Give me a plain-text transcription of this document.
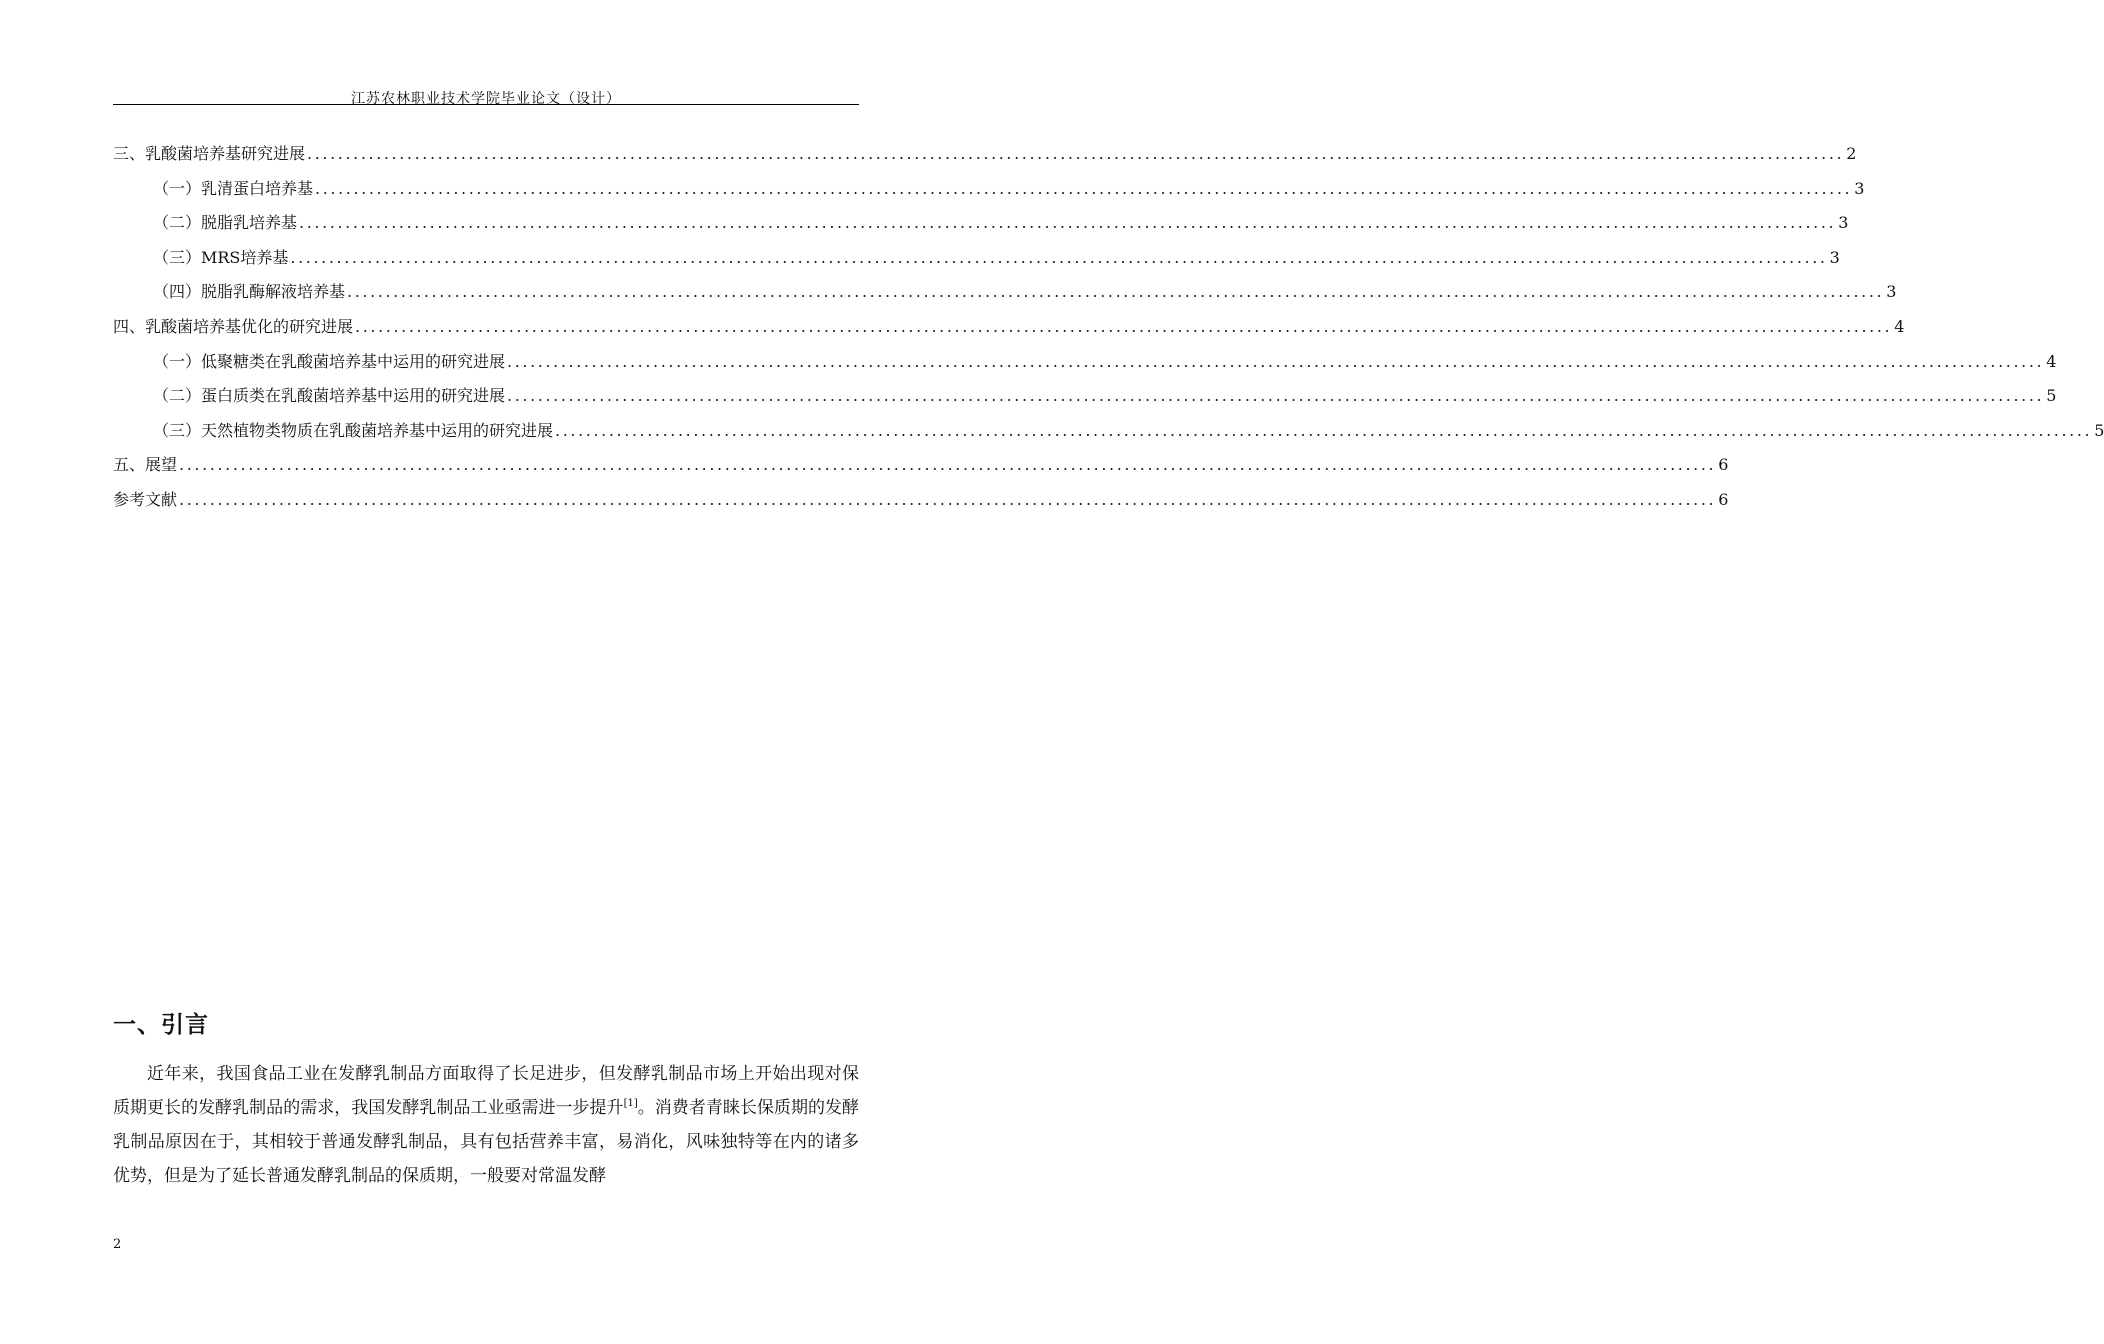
江苏农林职业技术学院毕业论文（设计）
三、乳酸菌培养基研究进展 ........................................................................................................................................................................................................ 2
（一）乳清蛋白培养基 ........................................................................................................................................................................................................ 3
（二）脱脂乳培养基 ........................................................................................................................................................................................................ 3
（三）MRS培养基 ........................................................................................................................................................................................................ 3
（四）脱脂乳酶解液培养基 ........................................................................................................................................................................................................ 3
四、乳酸菌培养基优化的研究进展 ........................................................................................................................................................................................................ 4
（一）低聚糖类在乳酸菌培养基中运用的研究进展 ........................................................................................................................................................................................................ 4
（二）蛋白质类在乳酸菌培养基中运用的研究进展 ........................................................................................................................................................................................................ 5
（三）天然植物类物质在乳酸菌培养基中运用的研究进展 ........................................................................................................................................................................................................ 5
五、展望 ........................................................................................................................................................................................................ 6
参考文献 ........................................................................................................................................................................................................ 6
一、引言

近年来，我国食品工业在发酵乳制品方面取得了长足进步，但发酵乳制品市场上开始出现对保质期更长的发酵乳制品的需求，我国发酵乳制品工业亟需进一步提升[1]。消费者青睐长保质期的发酵乳制品原因在于，其相较于普通发酵乳制品，具有包括营养丰富，易消化，风味独特等在内的诸多优势，但是为了延长普通发酵乳制品的保质期，一般要对常温发酵

2
